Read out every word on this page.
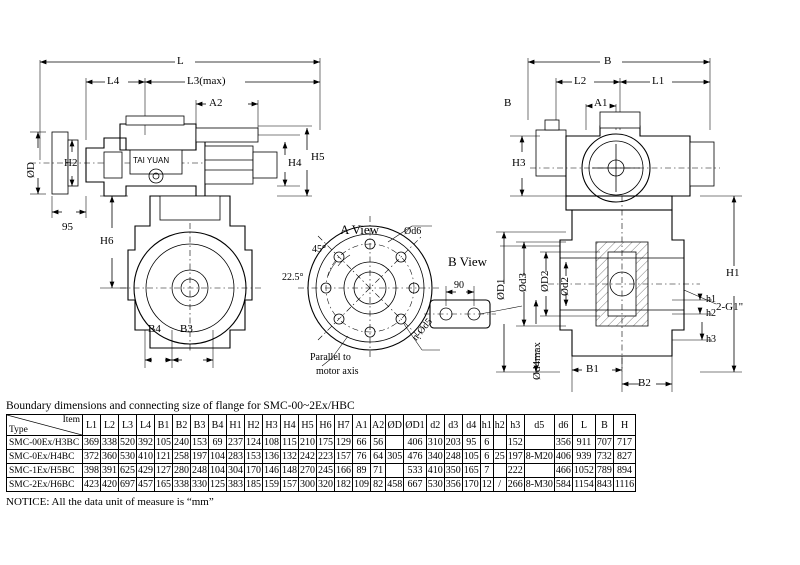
TAI YUAN
L
L4	L3(max)
A2
ØD H2
95
H4 H5
H6
B4 B3
A View
45°
22.5°
Ød6
n-Ød5
Parallel to
motor axis
B View
90
B
L2	L1
B	A1
H3
H1
ØD1 Ød3	Ød2
ØD2
h1
h2
h3
Ød4max	B1
B2
2-G1"
Boundary dimensions and connecting size of flange for SMC-00~2Ex/HBC
Item
Type	L1	L2	L3	L4	B1	B2	B3	B4	H1	H2	H3	H4	H5	H6	H7	A1	A2	ØD	ØD1	d2	d3	d4	h1	h2	h3	d5	d6	L	B	H
SMC-00Ex/H3BC	369	338	520	392	105	240	153	69	237	124	108	115	210	175	129	66	56		406	310	203	95	6		152		356	911	707	717
SMC-0Ex/H4BC	372	360	530	410	121	258	197	104	283	153	136	132	242	223	157	76	64	305	476	340	248	105	6	25	197	8-M20	406	939	732	827
SMC-1Ex/H5BC	398	391	625	429	127	280	248	104	304	170	146	148	270	245	166	89	71		533	410	350	165	7		222		466	1052	789	894
SMC-2Ex/H6BC	423	420	697	457	165	338	330	125	383	185	159	157	300	320	182	109	82	458	667	530	356	170	12	/	266	8-M30	584	1154	843	1116
NOTICE: All the data unit of measure is “mm”
